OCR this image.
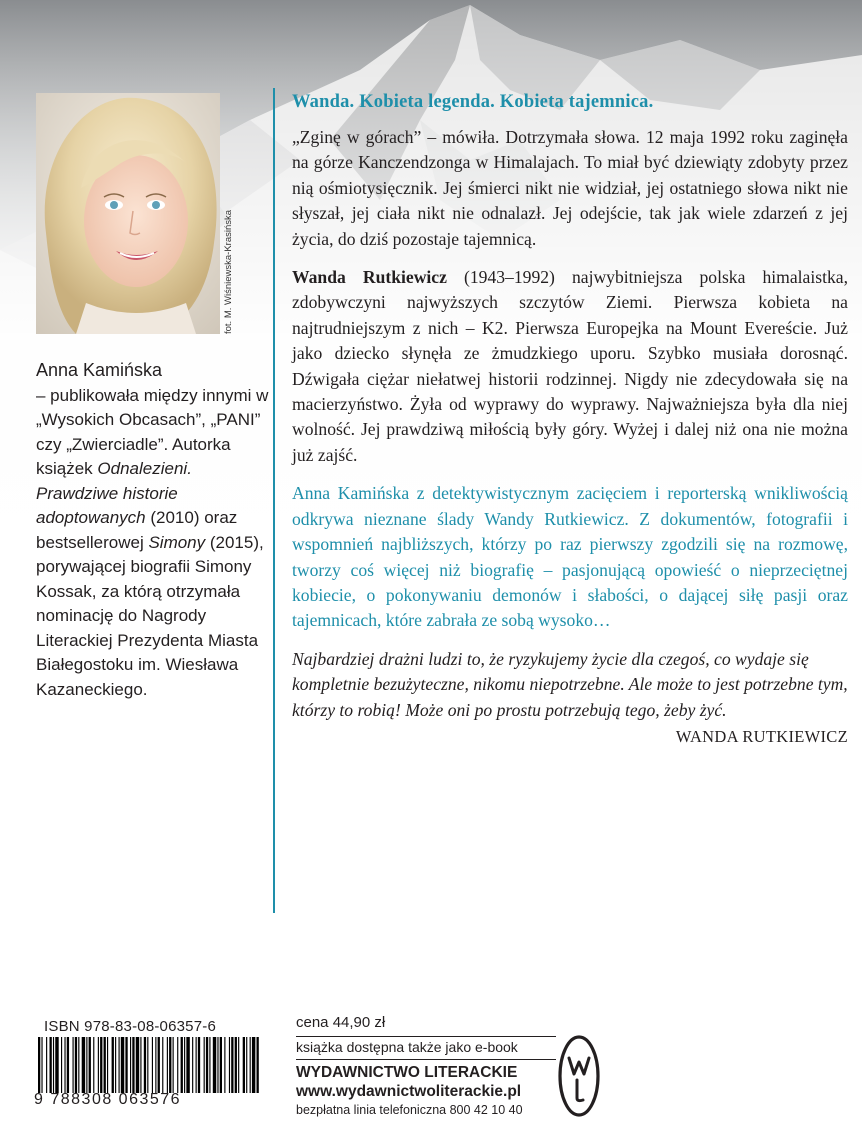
fot. M. Wiśniewska-Krasińska
Anna Kamińska
– publikowała między innymi w „Wysokich Obcasach”, „PANI” czy „Zwierciadle”. Autorka książek Odnalezieni. Prawdziwe historie adoptowanych (2010) oraz bestsellerowej Simony (2015), porywającej biografii Simony Kossak, za którą otrzymała nominację do Nagrody Literackiej Prezydenta Miasta Białegostoku im. Wiesława Kazaneckiego.
Wanda. Kobieta legenda. Kobieta tajemnica.

„Zginę w górach” – mówiła. Dotrzymała słowa. 12 maja 1992 roku zaginęła na górze Kanczendzonga w Himalajach. To miał być dziewiąty zdobyty przez nią ośmiotysięcznik. Jej śmierci nikt nie widział, jej ostatniego słowa nikt nie słyszał, jej ciała nikt nie odnalazł. Jej odejście, tak jak wiele zdarzeń z jej życia, do dziś pozostaje tajemnicą.

Wanda Rutkiewicz (1943–1992) najwybitniejsza polska himalaistka, zdobywczyni najwyższych szczytów Ziemi. Pierwsza kobieta na najtrudniejszym z nich – K2. Pierwsza Europejka na Mount Evereście. Już jako dziecko słynęła ze żmudzkiego uporu. Szybko musiała dorosnąć. Dźwigała ciężar niełatwej historii rodzinnej. Nigdy nie zdecydowała się na macierzyństwo. Żyła od wyprawy do wyprawy. Najważniejsza była dla niej wolność. Jej prawdziwą miłością były góry. Wyżej i dalej niż ona nie można już zajść.

Anna Kamińska z detektywistycznym zacięciem i reporterską wnikliwością odkrywa nieznane ślady Wandy Rutkiewicz. Z dokumentów, fotografii i wspomnień najbliższych, którzy po raz pierwszy zgodzili się na rozmowę, tworzy coś więcej niż biografię – pasjonującą opowieść o nieprzeciętnej kobiecie, o pokonywaniu demonów i słabości, o dającej siłę pasji oraz tajemnicach, które zabrała ze sobą wysoko…

Najbardziej drażni ludzi to, że ryzykujemy życie dla czegoś, co wydaje się kompletnie bezużyteczne, nikomu niepotrzebne. Ale może to jest potrzebne tym, którzy to robią! Może oni po prostu potrzebują tego, żeby żyć.

WANDA RUTKIEWICZ
ISBN 978-83-08-06357-6
9 788308 063576
cena 44,90 zł
książka dostępna także jako e-book
WYDAWNICTWO LITERACKIE
www.wydawnictwoliterackie.pl
bezpłatna linia telefoniczna 800 42 10 40
